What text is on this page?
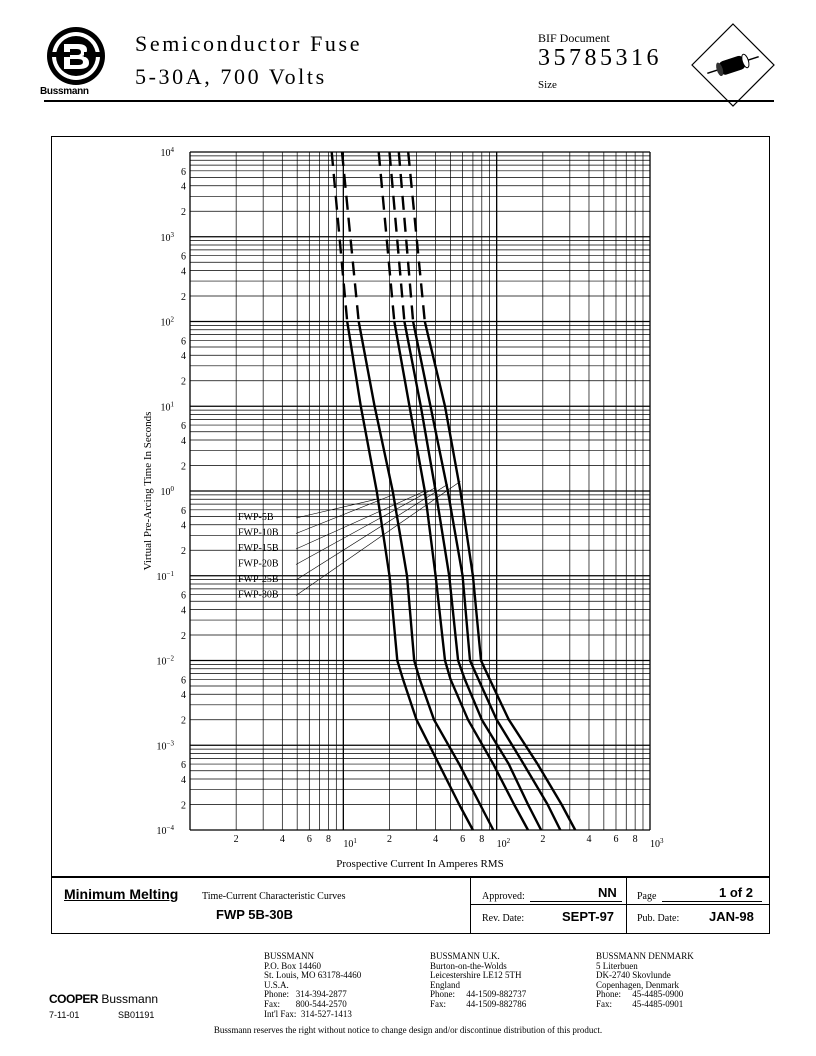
Bussmann
Semiconductor Fuse
5-30A, 700 Volts
BIF Document
35785316
Size
$10^4$
6
4
2
$10^3$
6
4
2
$10^2$
6
4
2
$10^1$
6
4
2
$10^0$
6
4
2
$10^{-1}$
6
4
2
$10^{-2}$
6
4
2
$10^{-3}$
6
4
2
$10^{-4}$
2	4 6 8 $10^1$	2	4 6 8 $10^2$	2	4 6 8 $10^3$
Prospective Current In Amperes RMS
Virtual Pre-Arcing Time In Seconds	FWP-5B
FWP-10B
FWP-15B
FWP-20B
FWP-25B
FWP-30B
Minimum Melting Time-Current Characteristic Curves
FWP 5B-30B
Approved:	NN
Rev. Date:	SEPT-97
Page	1 of 2
Pub. Date: JAN-98
BUSSMANN
P.O. Box 14460
St. Louis, MO 63178-4460
U.S.A.
Phone:   314-394-2877
Fax:       800-544-2570
Int'l Fax:  314-527-1413
BUSSMANN U.K.
Burton-on-the-Wolds
Leicestershire LE12 5TH
England
Phone:     44-1509-882737
Fax:         44-1509-882786
BUSSMANN DENMARK
5 Literbuen
DK-2740 Skovlunde
Copenhagen, Denmark
Phone:     45-4485-0900
Fax:         45-4485-0901
COOPER Bussmann
7-11-01	SB01191
Bussmann reserves the right without notice to change design and/or discontinue distribution of this product.
